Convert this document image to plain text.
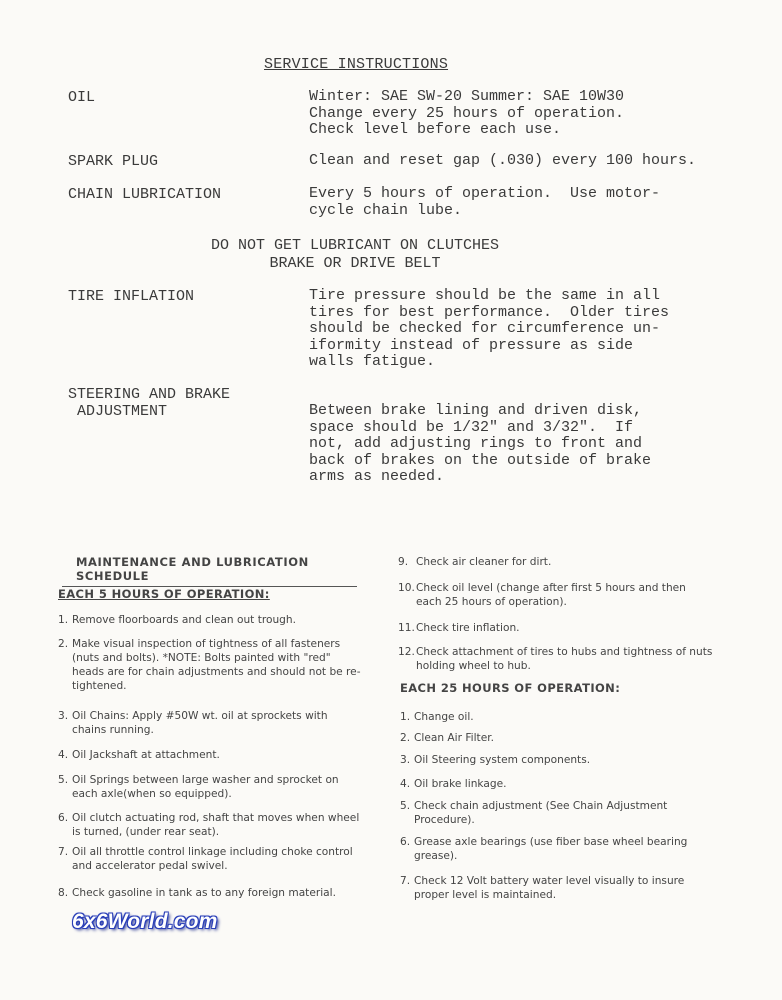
SERVICE INSTRUCTIONS
OIL	Winter: SAE SW-20 Summer: SAE 10W30
Change every 25 hours of operation.
Check level before each use.
SPARK PLUG	Clean and reset gap (.030) every 100 hours.
CHAIN LUBRICATION	Every 5 hours of operation.  Use motor-
cycle chain lube.
DO NOT GET LUBRICANT ON CLUTCHES
BRAKE OR DRIVE BELT
TIRE INFLATION	Tire pressure should be the same in all
tires for best performance.  Older tires
should be checked for circumference un-
iformity instead of pressure as side
walls fatigue.
STEERING AND BRAKE
ADJUSTMENT	Between brake lining and driven disk,
space should be 1/32" and 3/32".  If
not, add adjusting rings to front and
back of brakes on the outside of brake
arms as needed.
MAINTENANCE AND LUBRICATION SCHEDULE
EACH 5 HOURS OF OPERATION:
1. Remove floorboards and clean out trough.
2. Make visual inspection of tightness of all fasteners (nuts and bolts). *NOTE: Bolts painted with "red" heads are for chain adjustments and should not be re-tightened.
3. Oil Chains: Apply #50W wt. oil at sprockets with chains running.
4. Oil Jackshaft at attachment.
5. Oil Springs between large washer and sprocket on each axle(when so equipped).
6. Oil clutch actuating rod, shaft that moves when wheel is turned, (under rear seat).
7. Oil all throttle control linkage including choke control and accelerator pedal swivel.
8. Check gasoline in tank as to any foreign material.
9. Check air cleaner for dirt.
10. Check oil level (change after first 5 hours and then each 25 hours of operation).
11. Check tire inflation.
12. Check attachment of tires to hubs and tightness of nuts holding wheel to hub.
EACH 25 HOURS OF OPERATION:
1. Change oil.
2. Clean Air Filter.
3. Oil Steering system components.
4. Oil brake linkage.
5. Check chain adjustment (See Chain Adjustment Procedure).
6. Grease axle bearings (use fiber base wheel bearing grease).
7. Check 12 Volt battery water level visually to insure proper level is maintained.
6x6World.com
